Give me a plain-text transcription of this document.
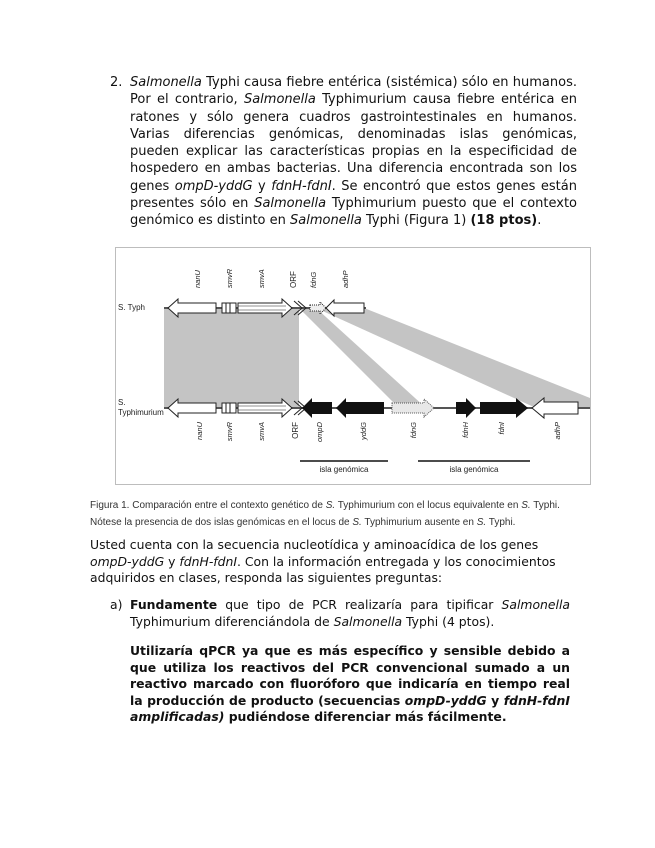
2. Salmonella Typhi causa fiebre entérica (sistémica) sólo en humanos. Por el contrario, Salmonella Typhimurium causa fiebre entérica en ratones y sólo genera cuadros gastrointestinales en humanos. Varias diferencias genómicas, denominadas islas genómicas, pueden explicar las características propias en la especificidad de hospedero en ambas bacterias. Una diferencia encontrada son los genes ompD-yddG y fdnH-fdnI. Se encontró que estos genes están presentes sólo en Salmonella Typhimurium puesto que el contexto genómico es distinto en Salmonella Typhi (Figura 1) (18 ptos).
S. Typh
nanU	smvR	smvA	ORF fdnG	adhP
S.
Typhimurium
nanU	smvR	smvA	ORF ompD	yddG	fdnG	fdnH	fdnI	adhP
isla genómica	isla genómica
Figura 1. Comparación entre el contexto genético de S. Typhimurium con el locus equivalente en S. Typhi.
Nótese la presencia de dos islas genómicas en el locus de S. Typhimurium ausente en S. Typhi.
Usted cuenta con la secuencia nucleotídica y aminoacídica de los genes ompD-yddG y fdnH-fdnI. Con la información entregada y los conocimientos adquiridos en clases, responda las siguientes preguntas:
a) Fundamente que tipo de PCR realizaría para tipificar Salmonella Typhimurium diferenciándola de Salmonella Typhi (4 ptos).
Utilizaría qPCR ya que es más específico y sensible debido a que utiliza los reactivos del PCR convencional sumado a un reactivo marcado con fluoróforo que indicaría en tiempo real la producción de producto (secuencias ompD-yddG y fdnH-fdnI amplificadas) pudiéndose diferenciar más fácilmente.
